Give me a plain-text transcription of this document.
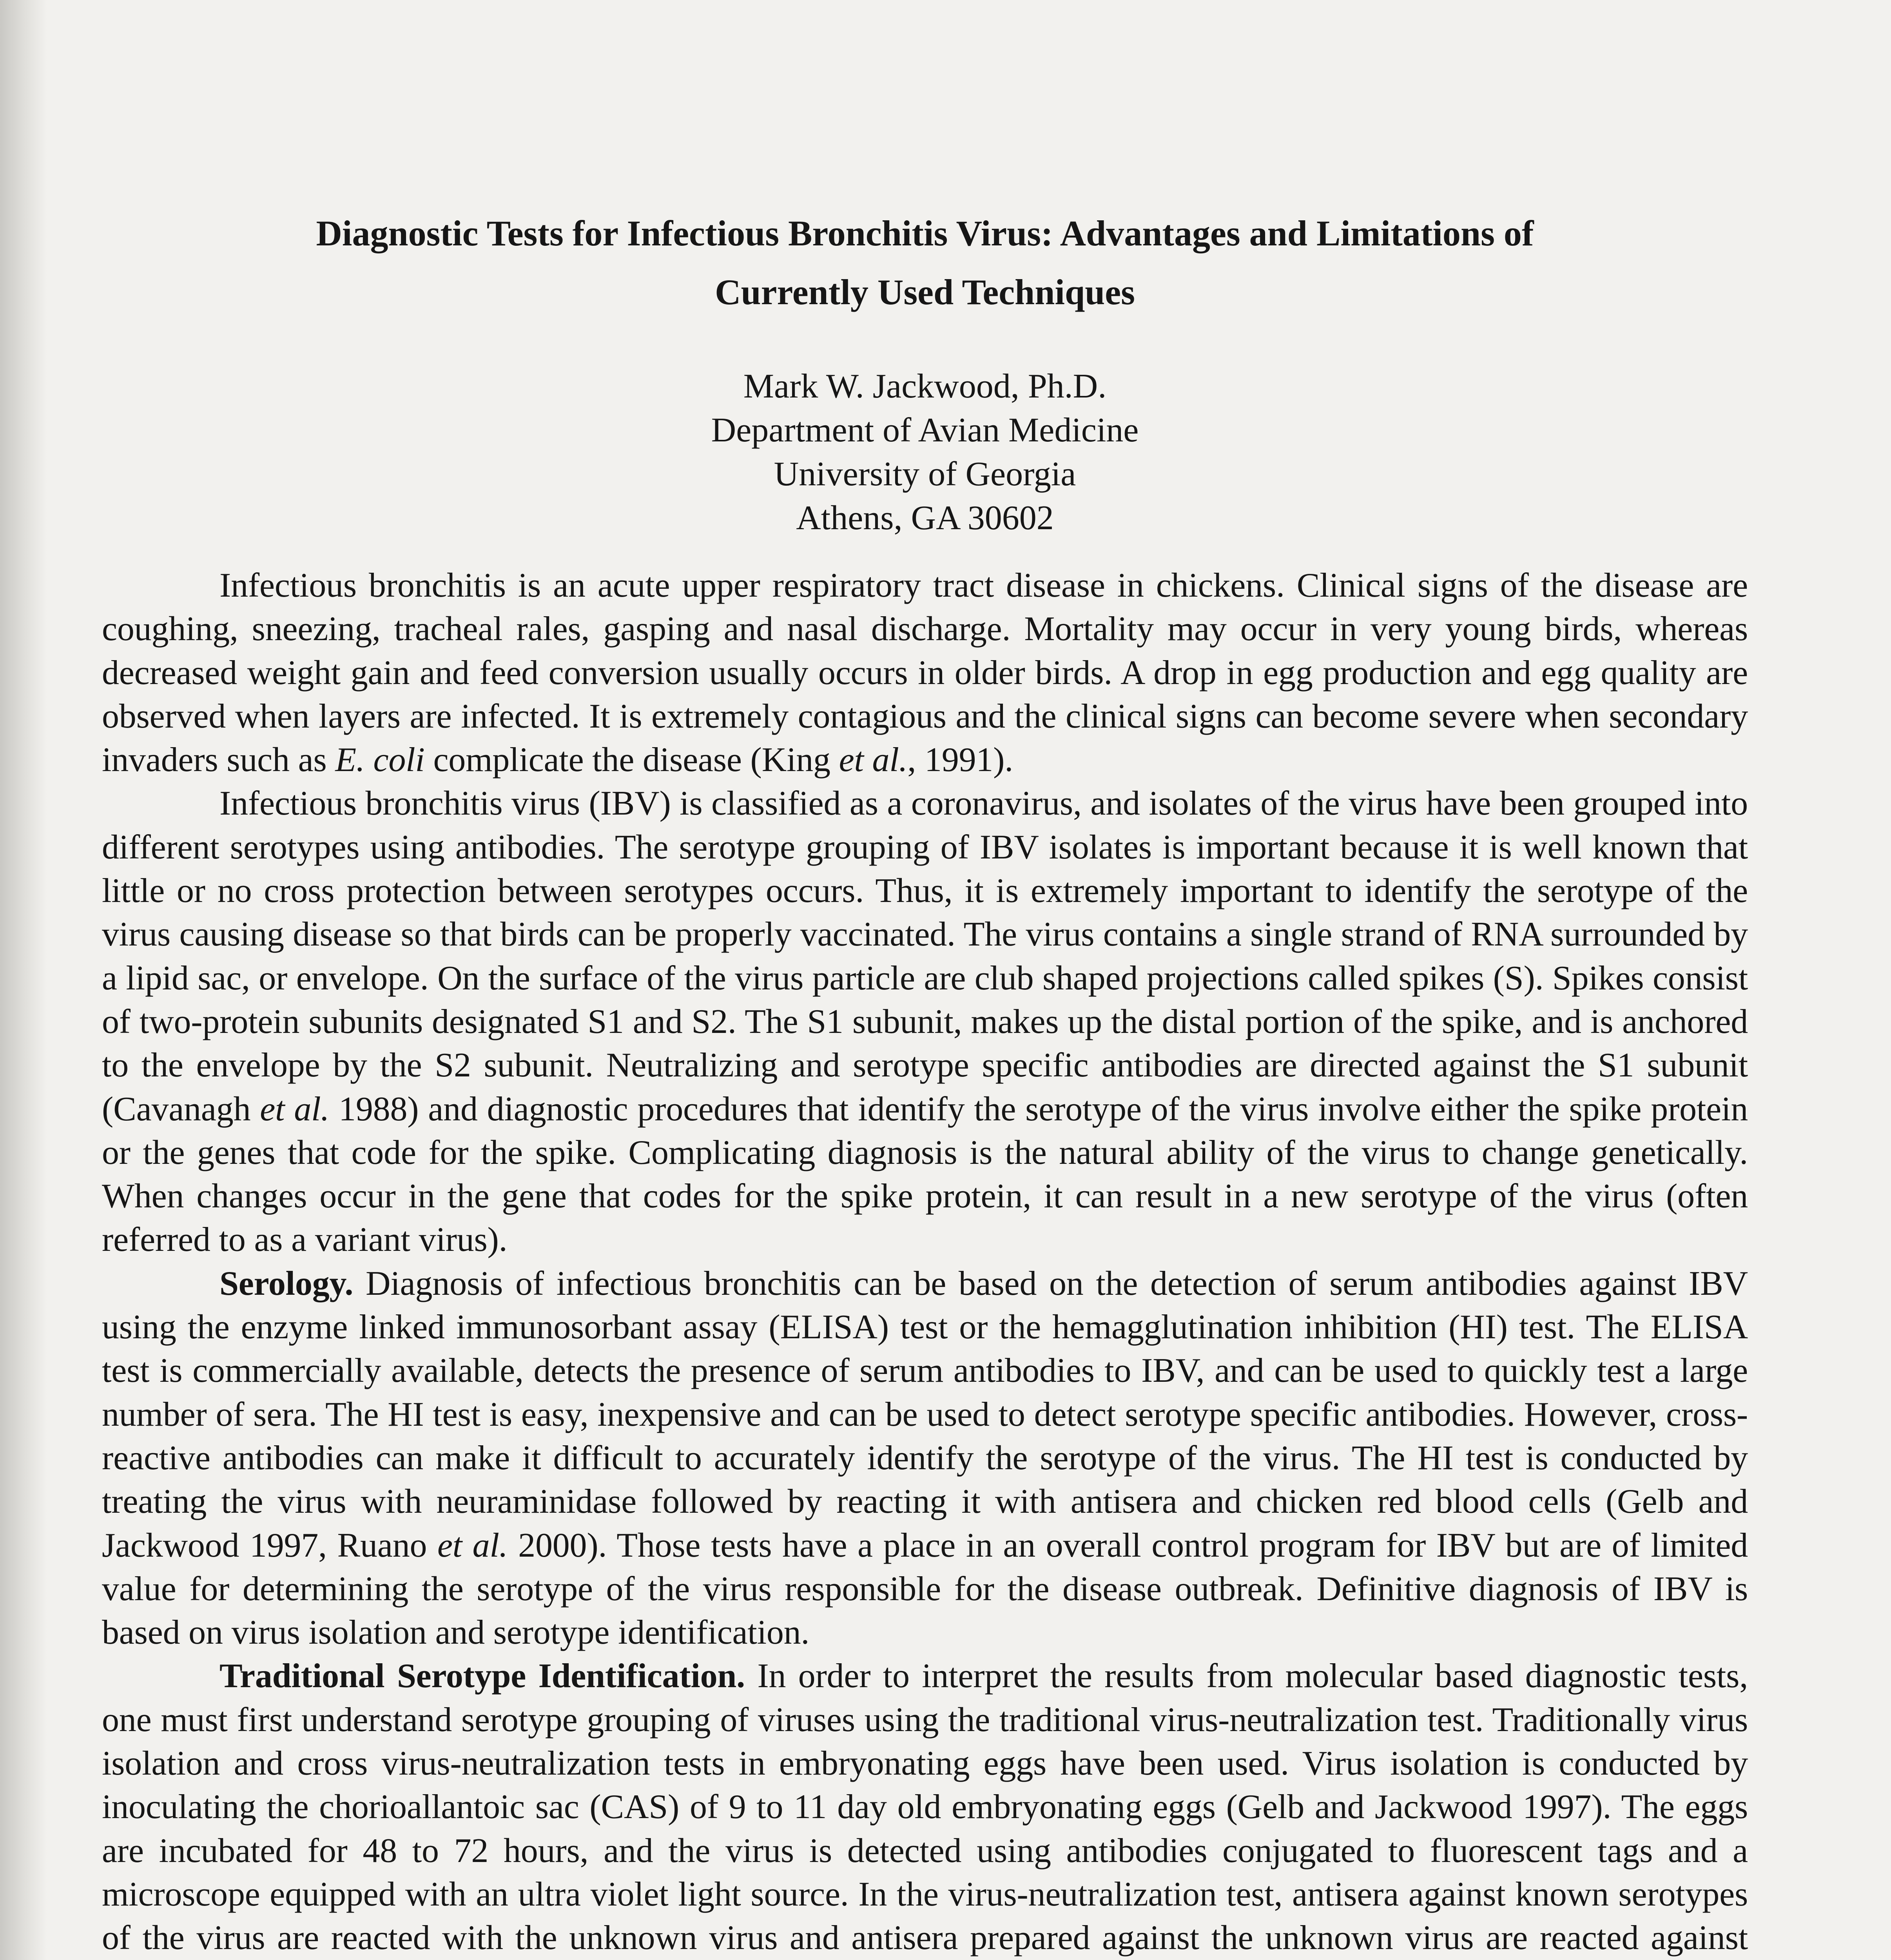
Diagnostic Tests for Infectious Bronchitis Virus: Advantages and Limitations of
Currently Used Techniques
Mark W. Jackwood, Ph.D.
Department of Avian Medicine
University of Georgia
Athens, GA 30602

Infectious bronchitis is an acute upper respiratory tract disease in chickens. Clinical signs of the disease are coughing, sneezing, tracheal rales, gasping and nasal discharge. Mortality may occur in very young birds, whereas decreased weight gain and feed conversion usually occurs in older birds. A drop in egg production and egg quality are observed when layers are infected. It is extremely contagious and the clinical signs can become severe when secondary invaders such as E. coli complicate the disease (King et al., 1991).

Infectious bronchitis virus (IBV) is classified as a coronavirus, and isolates of the virus have been grouped into different serotypes using antibodies. The serotype grouping of IBV isolates is important because it is well known that little or no cross protection between serotypes occurs. Thus, it is extremely important to identify the serotype of the virus causing disease so that birds can be properly vaccinated. The virus contains a single strand of RNA surrounded by a lipid sac, or envelope. On the surface of the virus particle are club shaped projections called spikes (S). Spikes consist of two-protein subunits designated S1 and S2. The S1 subunit, makes up the distal portion of the spike, and is anchored to the envelope by the S2 subunit. Neutralizing and serotype specific antibodies are directed against the S1 subunit (Cavanagh et al. 1988) and diagnostic procedures that identify the serotype of the virus involve either the spike protein or the genes that code for the spike. Complicating diagnosis is the natural ability of the virus to change genetically. When changes occur in the gene that codes for the spike protein, it can result in a new serotype of the virus (often referred to as a variant virus).

Serology. Diagnosis of infectious bronchitis can be based on the detection of serum antibodies against IBV using the enzyme linked immunosorbant assay (ELISA) test or the hemagglutination inhibition (HI) test. The ELISA test is commercially available, detects the presence of serum antibodies to IBV, and can be used to quickly test a large number of sera. The HI test is easy, inexpensive and can be used to detect serotype specific antibodies. However, cross-reactive antibodies can make it difficult to accurately identify the serotype of the virus. The HI test is conducted by treating the virus with neuraminidase followed by reacting it with antisera and chicken red blood cells (Gelb and Jackwood 1997, Ruano et al. 2000). Those tests have a place in an overall control program for IBV but are of limited value for determining the serotype of the virus responsible for the disease outbreak. Definitive diagnosis of IBV is based on virus isolation and serotype identification.

Traditional Serotype Identification. In order to interpret the results from molecular based diagnostic tests, one must first understand serotype grouping of viruses using the traditional virus-neutralization test. Traditionally virus isolation and cross virus-neutralization tests in embryonating eggs have been used. Virus isolation is conducted by inoculating the chorioallantoic sac (CAS) of 9 to 11 day old embryonating eggs (Gelb and Jackwood 1997). The eggs are incubated for 48 to 72 hours, and the virus is detected using antibodies conjugated to fluorescent tags and a microscope equipped with an ultra violet light source. In the virus-neutralization test, antisera against known serotypes of the virus are reacted with the unknown virus and antisera prepared against the unknown virus are reacted against
